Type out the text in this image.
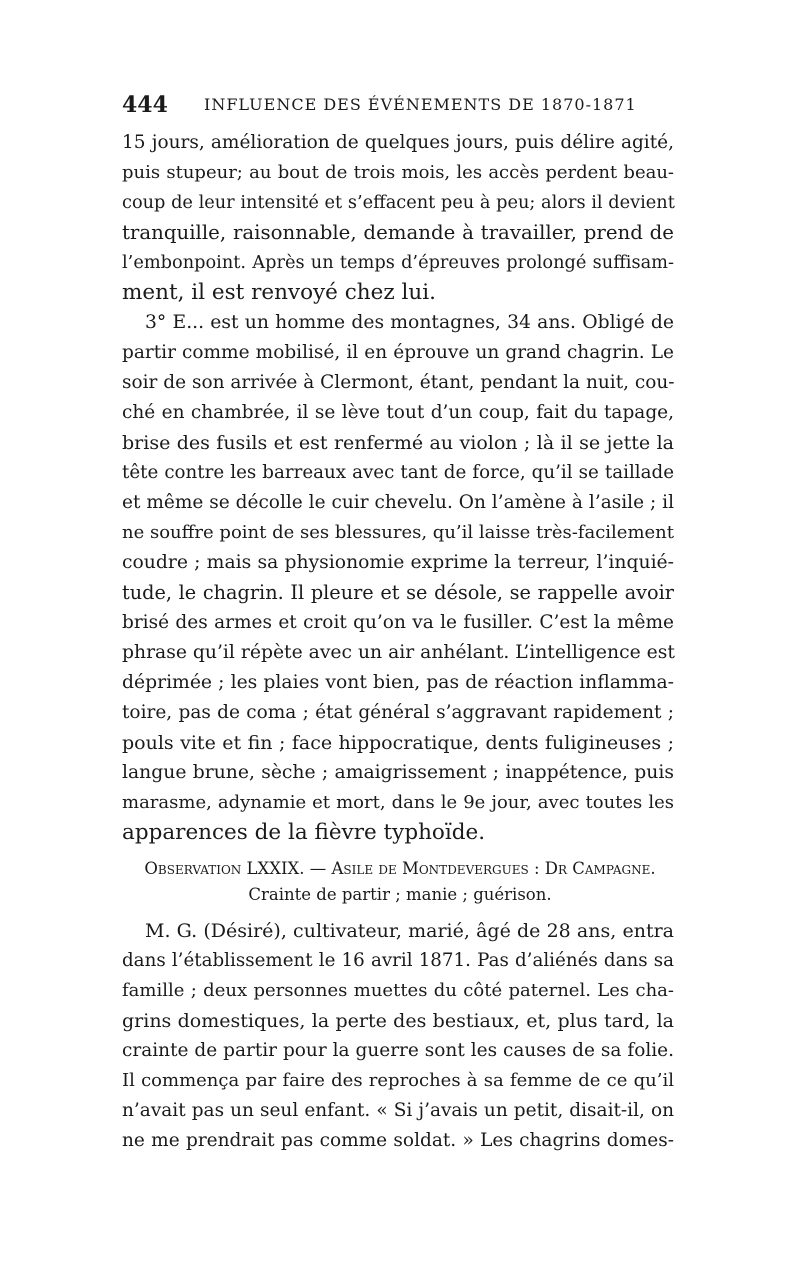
444 INFLUENCE DES ÉVÉNEMENTS DE 1870-1871
15 jours, amélioration de quelques jours, puis délire agité,
puis stupeur; au bout de trois mois, les accès perdent beau-
coup de leur intensité et s’effacent peu à peu; alors il devient
tranquille, raisonnable, demande à travailler, prend de
l’embonpoint. Après un temps d’épreuves prolongé suffisam-
ment, il est renvoyé chez lui.
3° E... est un homme des montagnes, 34 ans. Obligé de
partir comme mobilisé, il en éprouve un grand chagrin. Le
soir de son arrivée à Clermont, étant, pendant la nuit, cou-
ché en chambrée, il se lève tout d’un coup, fait du tapage,
brise des fusils et est renfermé au violon ; là il se jette la
tête contre les barreaux avec tant de force, qu’il se taillade
et même se décolle le cuir chevelu. On l’amène à l’asile ; il
ne souffre point de ses blessures, qu’il laisse très-facilement
coudre ; mais sa physionomie exprime la terreur, l’inquié-
tude, le chagrin. Il pleure et se désole, se rappelle avoir
brisé des armes et croit qu’on va le fusiller. C’est la même
phrase qu’il répète avec un air anhélant. L’intelligence est
déprimée ; les plaies vont bien, pas de réaction inflamma-
toire, pas de coma ; état général s’aggravant rapidement ;
pouls vite et fin ; face hippocratique, dents fuligineuses ;
langue brune, sèche ; amaigrissement ; inappétence, puis
marasme, adynamie et mort, dans le 9e jour, avec toutes les
apparences de la fièvre typhoïde.
Observation LXXIX. — Asile de Montdevergues : Dr Campagne.
Crainte de partir ; manie ; guérison.
M. G. (Désiré), cultivateur, marié, âgé de 28 ans, entra
dans l’établissement le 16 avril 1871. Pas d’aliénés dans sa
famille ; deux personnes muettes du côté paternel. Les cha-
grins domestiques, la perte des bestiaux, et, plus tard, la
crainte de partir pour la guerre sont les causes de sa folie.
Il commença par faire des reproches à sa femme de ce qu’il
n’avait pas un seul enfant. « Si j’avais un petit, disait-il, on
ne me prendrait pas comme soldat. » Les chagrins domes-
